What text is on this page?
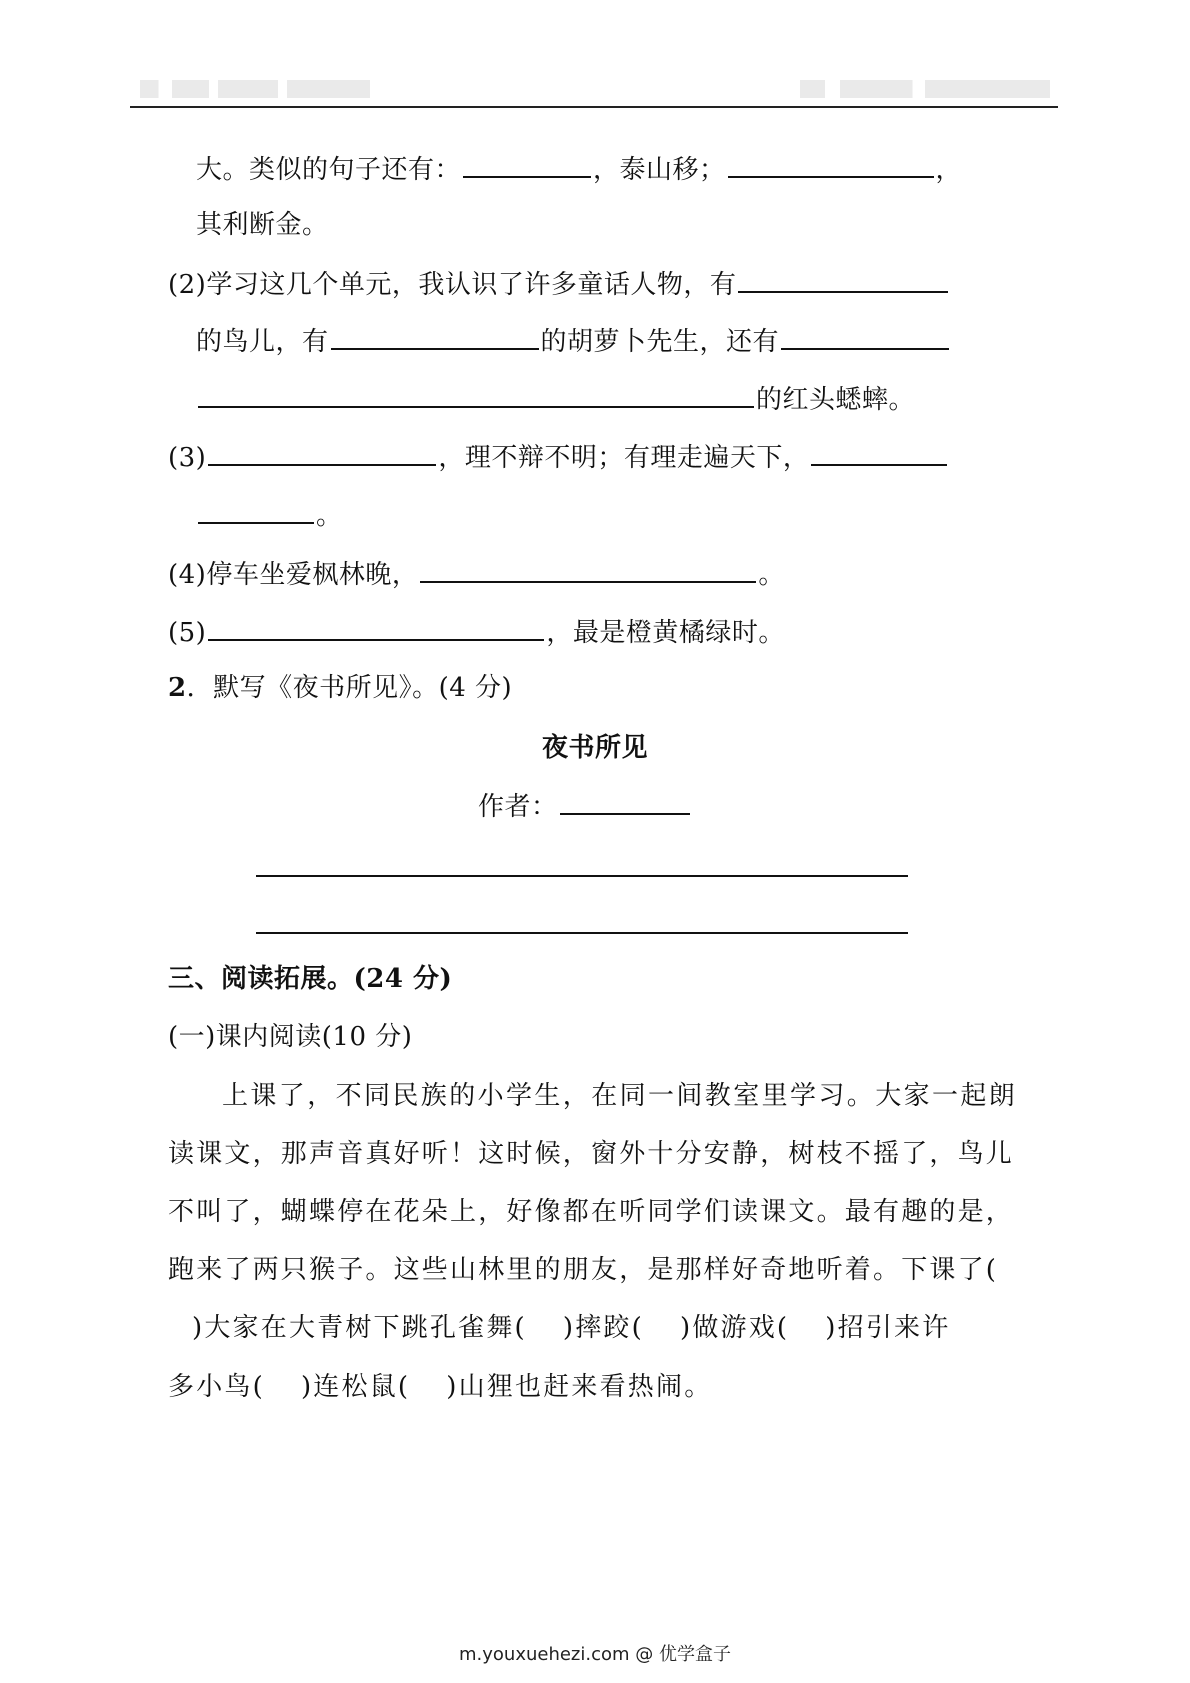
大。类似的句子还有：	，泰山移；	，
其利断金。
(2)学习这几个单元，我认识了许多童话人物，有
的鸟儿，有	的胡萝卜先生，还有
的红头蟋蟀。
(3)	，理不辩不明；有理走遍天下，
。
(4)停车坐爱枫林晚，	。
(5)	，最是橙黄橘绿时。
2．默写《夜书所见》。(4 分)
夜书所见
作者：
三、阅读拓展。(24 分)
(一)课内阅读(10 分)
上课了，不同民族的小学生，在同一间教室里学习。大家一起朗
读课文，那声音真好听！这时候，窗外十分安静，树枝不摇了，鸟儿
不叫了，蝴蝶停在花朵上，好像都在听同学们读课文。最有趣的是，
跑来了两只猴子。这些山林里的朋友，是那样好奇地听着。下课了(
)大家在大青树下跳孔雀舞( )摔跤( )做游戏( )招引来许
多小鸟( )连松鼠( )山狸也赶来看热闹。
m.youxuehezi.com @ 优学盒子
